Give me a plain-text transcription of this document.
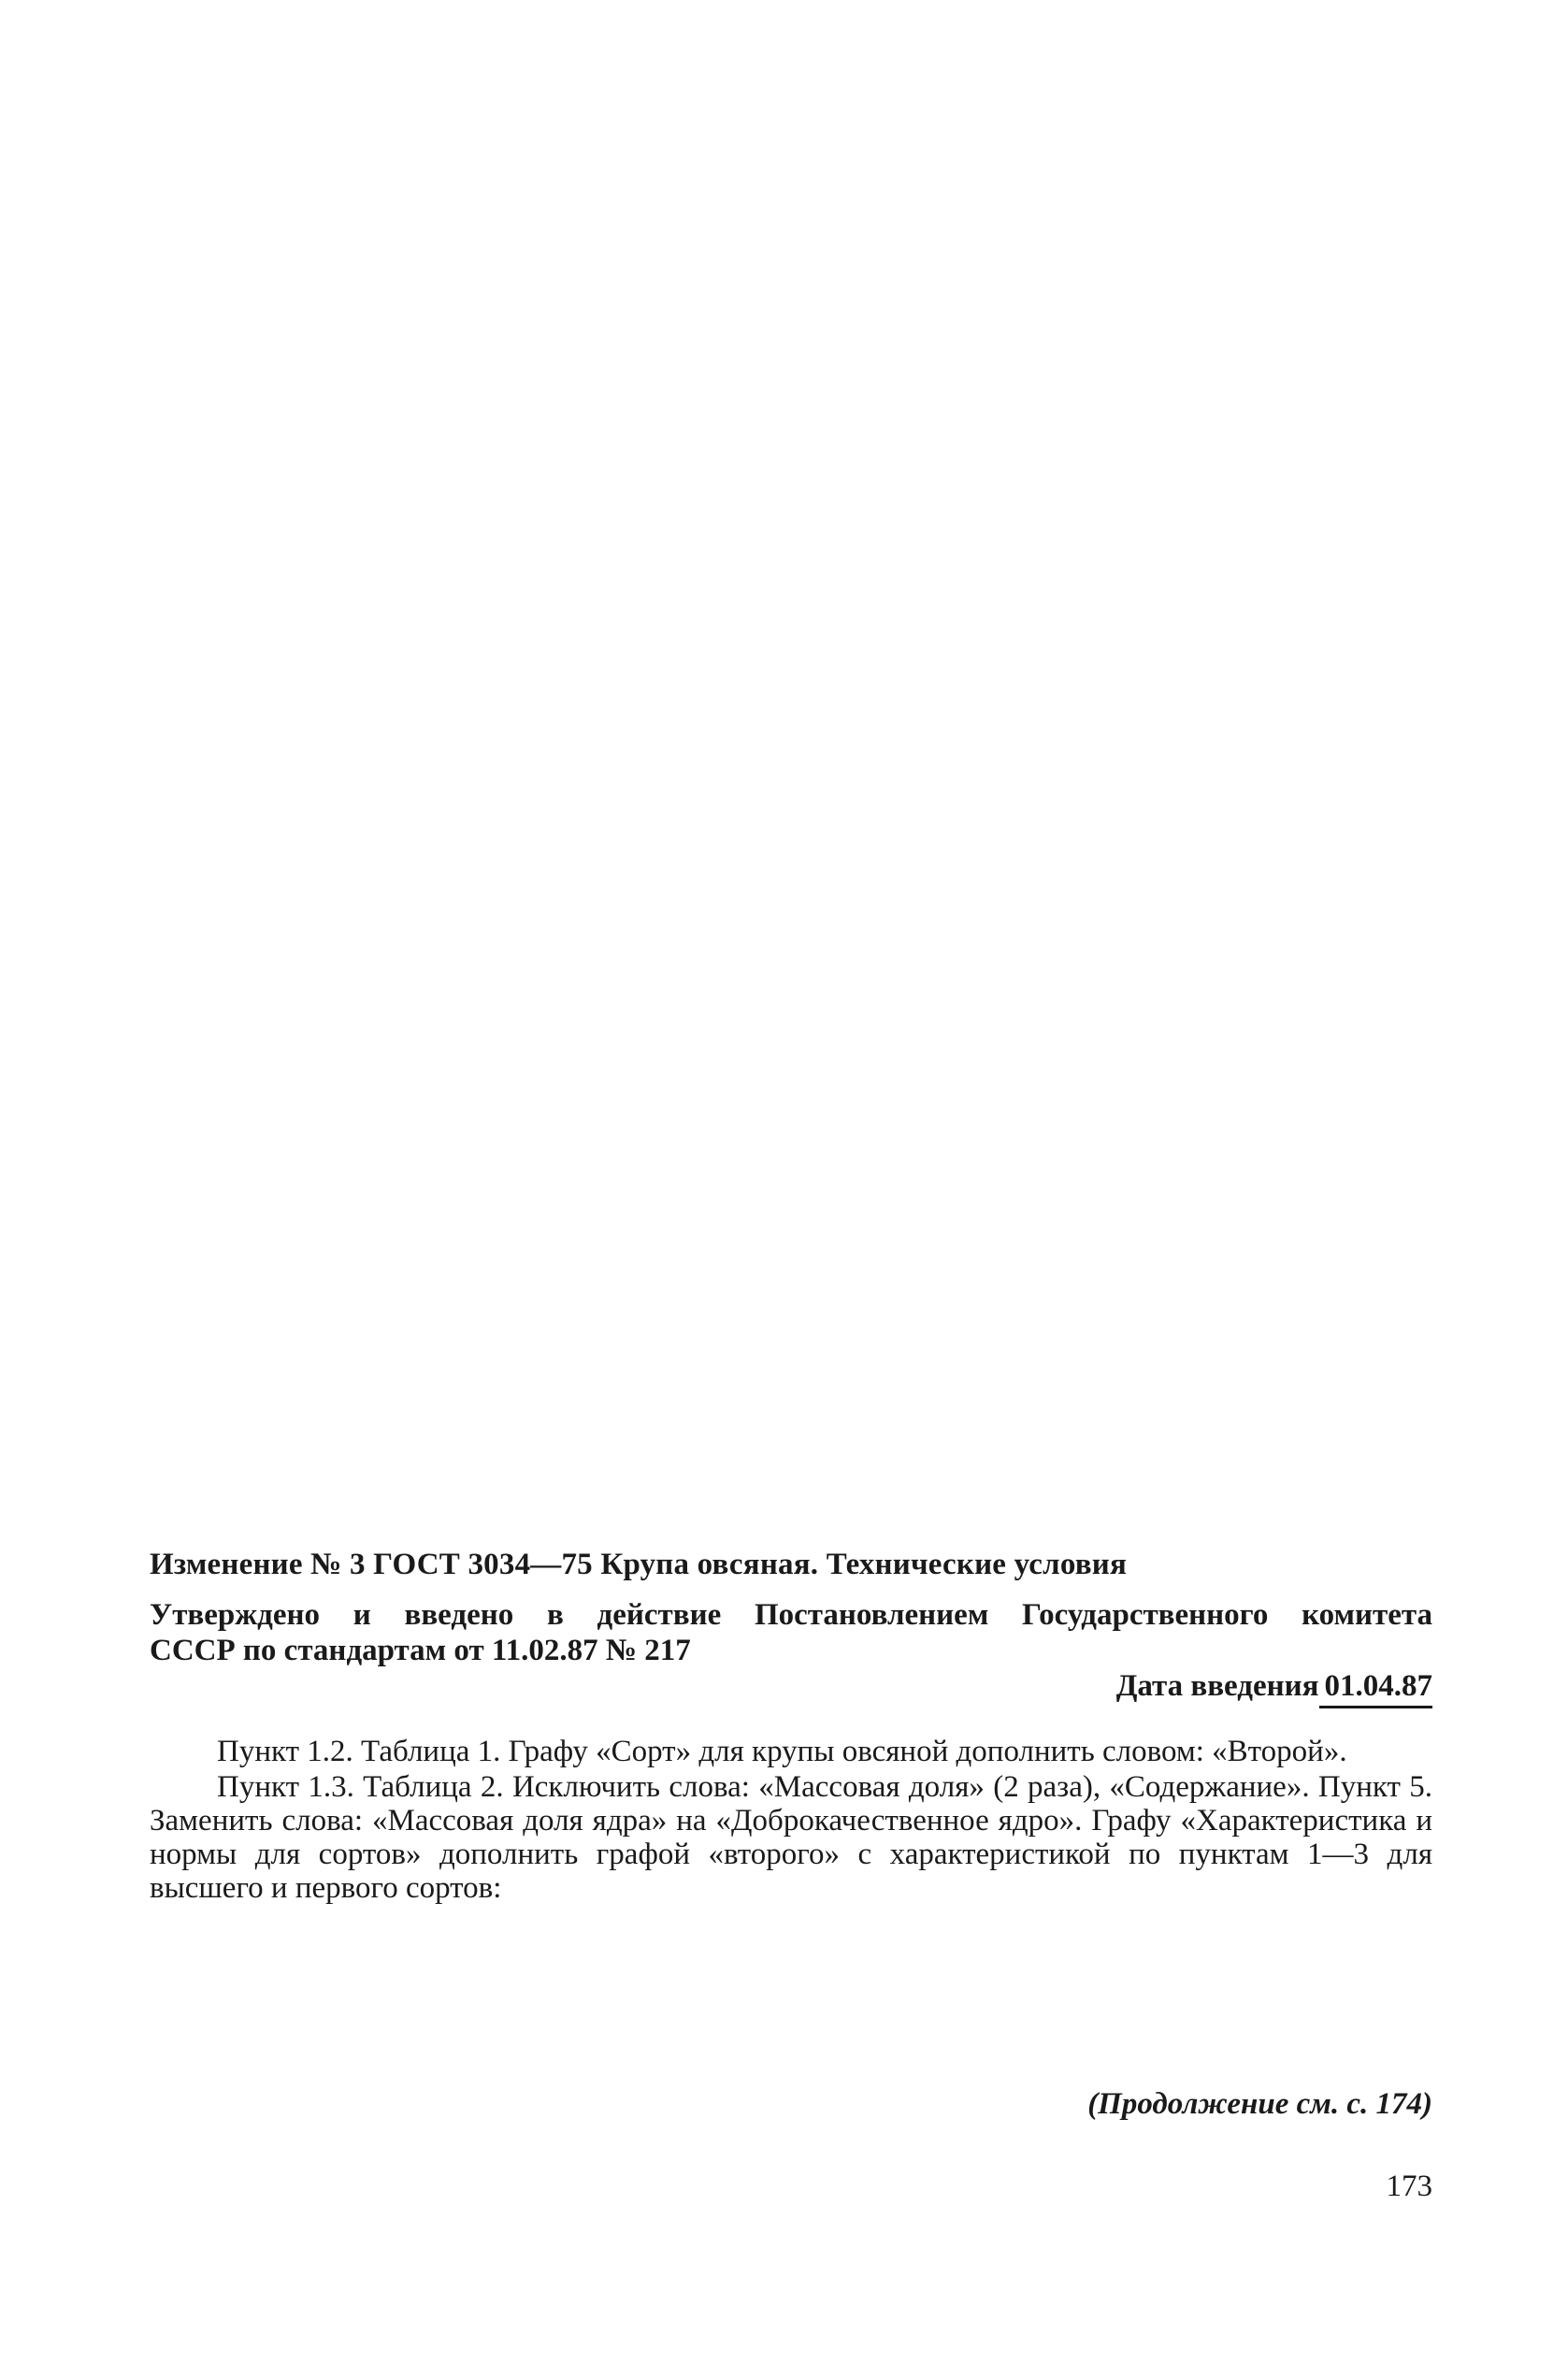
Изменение № 3 ГОСТ 3034—75 Крупа овсяная. Технические условия
Утверждено и введено в действие Постановлением Государственного комитета
СССР по стандартам от 11.02.87 № 217
Дата введения 01.04.87

Пункт 1.2. Таблица 1. Графу «Сорт» для крупы овсяной дополнить словом: «Второй».

Пункт 1.3. Таблица 2. Исключить слова: «Массовая доля» (2 раза), «Содержание». Пункт 5. Заменить слова: «Массовая доля ядра» на «Доброкачественное ядро». Графу «Характеристика и нормы для сортов» дополнить графой «второго» с характеристикой по пунктам 1—3 для высшего и первого сортов:

(Продолжение см. с. 174)
173
